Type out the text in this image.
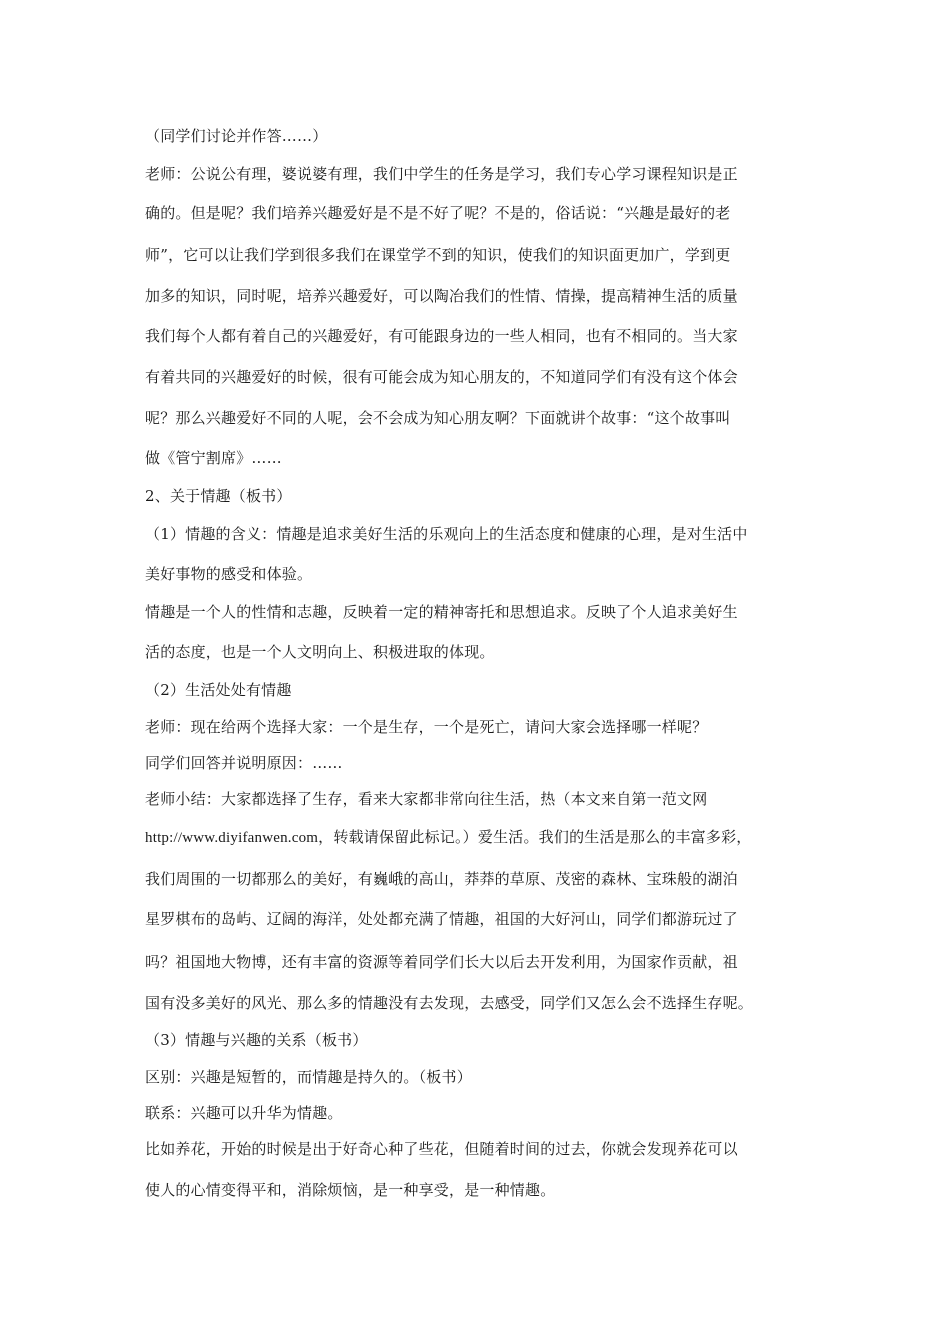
（同学们讨论并作答……）
老师：公说公有理，婆说婆有理，我们中学生的任务是学习，我们专心学习课程知识是正
确的。但是呢？我们培养兴趣爱好是不是不好了呢？不是的，俗话说：“兴趣是最好的老
师”，它可以让我们学到很多我们在课堂学不到的知识，使我们的知识面更加广，学到更
加多的知识，同时呢，培养兴趣爱好，可以陶冶我们的性情、情操，提高精神生活的质量
我们每个人都有着自己的兴趣爱好，有可能跟身边的一些人相同，也有不相同的。当大家
有着共同的兴趣爱好的时候，很有可能会成为知心朋友的，不知道同学们有没有这个体会
呢？那么兴趣爱好不同的人呢，会不会成为知心朋友啊？下面就讲个故事：“这个故事叫
做《管宁割席》……
2、关于情趣（板书）
（1）情趣的含义：情趣是追求美好生活的乐观向上的生活态度和健康的心理，是对生活中
美好事物的感受和体验。
情趣是一个人的性情和志趣，反映着一定的精神寄托和思想追求。反映了个人追求美好生
活的态度，也是一个人文明向上、积极进取的体现。
（2）生活处处有情趣
老师：现在给两个选择大家：一个是生存，一个是死亡，请问大家会选择哪一样呢？
同学们回答并说明原因：……
老师小结：大家都选择了生存，看来大家都非常向往生活，热（本文来自第一范文网
http://www.diyifanwen.com，转载请保留此标记。）爱生活。我们的生活是那么的丰富多彩，
我们周围的一切都那么的美好，有巍峨的高山，莽莽的草原、茂密的森林、宝珠般的湖泊
星罗棋布的岛屿、辽阔的海洋，处处都充满了情趣，祖国的大好河山，同学们都游玩过了
吗？祖国地大物博，还有丰富的资源等着同学们长大以后去开发利用，为国家作贡献，祖
国有没多美好的风光、那么多的情趣没有去发现，去感受，同学们又怎么会不选择生存呢。
（3）情趣与兴趣的关系（板书）
区别：兴趣是短暂的，而情趣是持久的。（板书）
联系：兴趣可以升华为情趣。
比如养花，开始的时候是出于好奇心种了些花，但随着时间的过去，你就会发现养花可以
使人的心情变得平和，消除烦恼，是一种享受，是一种情趣。
